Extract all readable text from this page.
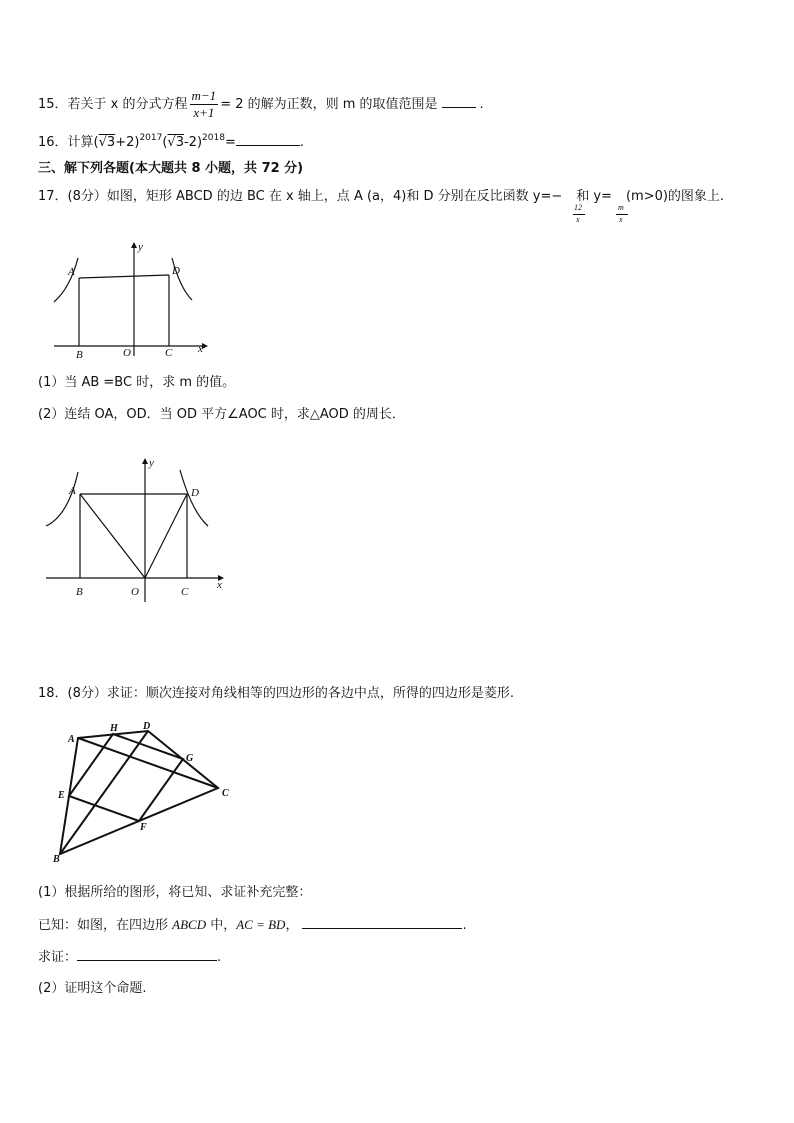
15．若关于 x 的分式方程 $\frac{m-1}{x+1} = 2$ 的解为正数，则 m 的取值范围是	.
16．计算$(√3+2)^{2017}(√3-2)^{2018}=$	.
三、解下列各题(本大题共 8 小题，共 72 分)
17．(8分）如图，矩形 ABCD 的边 BC 在 x 轴上，点 A (a，4)和 D 分别在反比函数 y=− 和 y= (m>0)的图象上.
12
x
m
x
A	D
B	O	C x
y
(1）当 AB =BC 时，求 m 的值。
(2）连结 OA，OD．当 OD 平方∠AOC 时，求△AOD 的周长．
A	D
B	O	C
x
y
18．(8分）求证：顺次连接对角线相等的四边形的各边中点，所得的四边形是菱形.
A
H	D
G
E	C
F
B
(1）根据所给的图形，将已知、求证补充完整：
已知：如图，在四边形 ABCD 中，AC = BD，	.
求证：	.
(2）证明这个命题.
